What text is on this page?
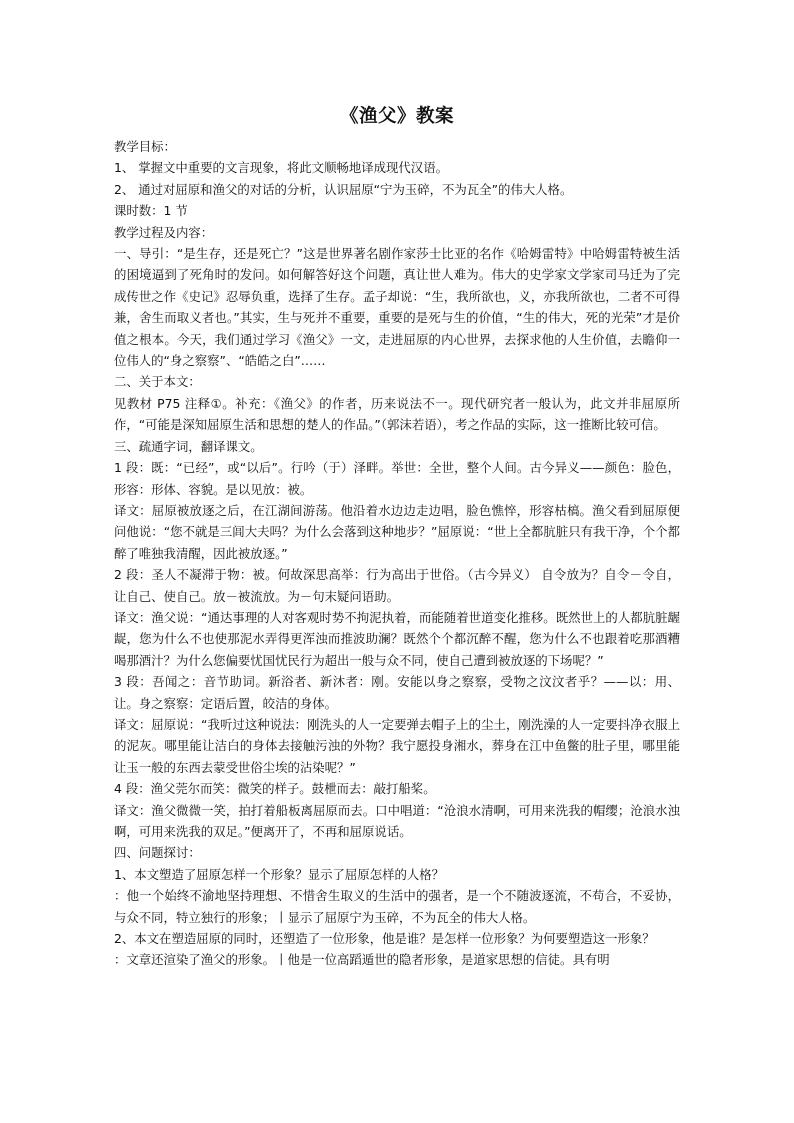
《渔父》教案

教学目标：

1、 掌握文中重要的文言现象，将此文顺畅地译成现代汉语。

2、 通过对屈原和渔父的对话的分析，认识屈原“宁为玉碎，不为瓦全”的伟大人格。

课时数：1 节

教学过程及内容：

一、导引：“是生存，还是死亡？”这是世界著名剧作家莎士比亚的名作《哈姆雷特》中哈姆雷特被生活的困境逼到了死角时的发问。如何解答好这个问题，真让世人难为。伟大的史学家文学家司马迁为了完成传世之作《史记》忍辱负重，选择了生存。孟子却说：“生，我所欲也，义，亦我所欲也，二者不可得兼，舍生而取义者也。”其实，生与死并不重要，重要的是死与生的价值，“生的伟大，死的光荣”才是价值之根本。今天，我们通过学习《渔父》一文，走进屈原的内心世界，去探求他的人生价值，去瞻仰一位伟人的“身之察察”、“皓皓之白”……

二、关于本文：

见教材 P75 注释①。补充：《渔父》的作者，历来说法不一。现代研究者一般认为，此文并非屈原所作，“可能是深知屈原生活和思想的楚人的作品。”（郭沫若语），考之作品的实际，这一推断比较可信。

三、疏通字词，翻译课文。

1 段：既：“已经”，或“以后”。行吟（于）泽畔。举世：全世，整个人间。古今异义——颜色：脸色，形容：形体、容貌。是以见放：被。

译文：屈原被放逐之后，在江湖间游荡。他沿着水边边走边唱，脸色憔悴，形容枯槁。渔父看到屈原便问他说：“您不就是三闾大夫吗？为什么会落到这种地步？”屈原说：“世上全都肮脏只有我干净，个个都醉了唯独我清醒，因此被放逐。”

2 段：圣人不凝滞于物：被。何故深思高举：行为高出于世俗。（古今异义） 自令放为？自令－令自，让自己、使自己。放－被流放。为－句末疑问语助。

译文：渔父说：“通达事理的人对客观时势不拘泥执着，而能随着世道变化推移。既然世上的人都肮脏龌龊，您为什么不也使那泥水弄得更浑浊而推波助澜？既然个个都沉醉不醒，您为什么不也跟着吃那酒糟喝那酒汁？为什么您偏要忧国忧民行为超出一般与众不同，使自己遭到被放逐的下场呢？”

3 段：吾闻之：音节助词。新浴者、新沐者：刚。安能以身之察察，受物之汶汶者乎？——以：用、让。身之察察：定语后置，皎洁的身体。

译文：屈原说：“我听过这种说法：刚洗头的人一定要弹去帽子上的尘土，刚洗澡的人一定要抖净衣服上的泥灰。哪里能让洁白的身体去接触污浊的外物？我宁愿投身湘水，葬身在江中鱼鳖的肚子里，哪里能让玉一般的东西去蒙受世俗尘埃的沾染呢？”

4 段：渔父莞尔而笑：微笑的样子。鼓枻而去：敲打船桨。

译文：渔父微微一笑，拍打着船板离屈原而去。口中唱道：“沧浪水清啊，可用来洗我的帽缨；沧浪水浊啊，可用来洗我的双足。”便离开了，不再和屈原说话。

四、问题探讨：

1、本文塑造了屈原怎样一个形象？显示了屈原怎样的人格？

：他一个始终不渝地坚持理想、不惜舍生取义的生活中的强者，是一个不随波逐流，不苟合，不妥协，与众不同，特立独行的形象；丨显示了屈原宁为玉碎，不为瓦全的伟大人格。

2、本文在塑造屈原的同时，还塑造了一位形象，他是谁？是怎样一位形象？为何要塑造这一形象？

：文章还渲染了渔父的形象。丨他是一位高蹈遁世的隐者形象，是道家思想的信徒。具有明
